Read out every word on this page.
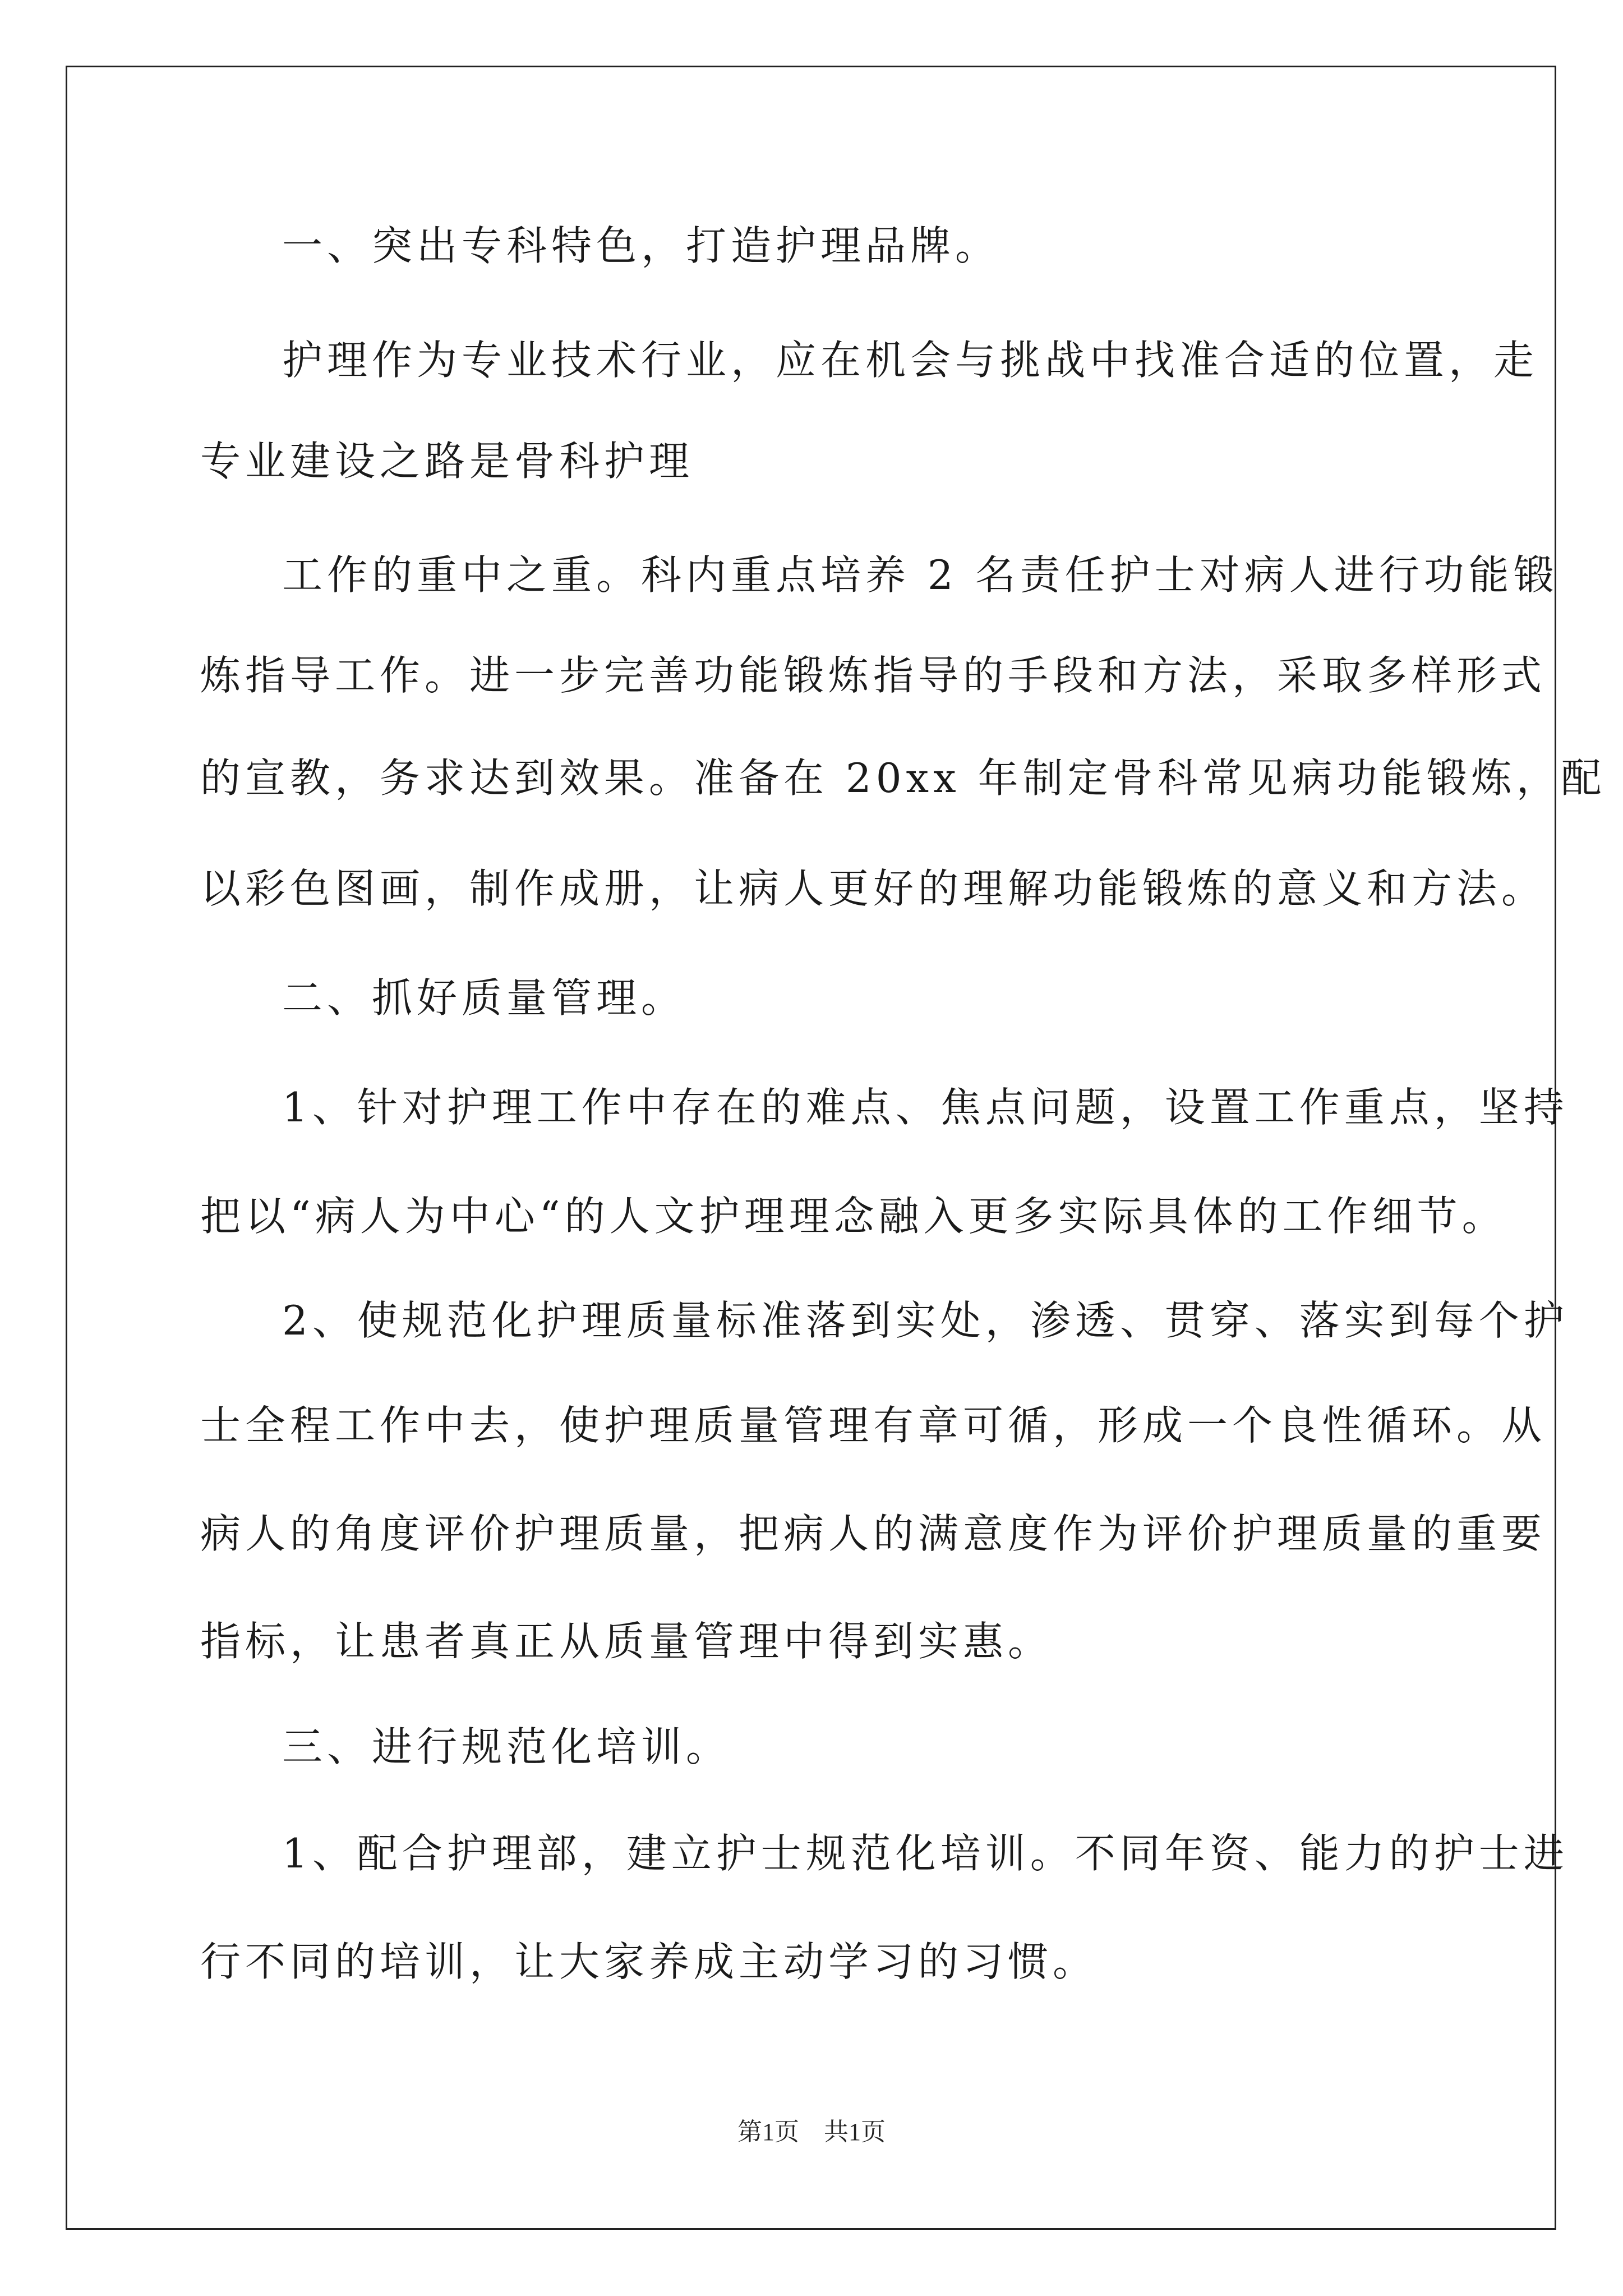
一、突出专科特色，打造护理品牌。
护理作为专业技术行业，应在机会与挑战中找准合适的位置，走
专业建设之路是骨科护理
工作的重中之重。科内重点培养 2 名责任护士对病人进行功能锻
炼指导工作。进一步完善功能锻炼指导的手段和方法，采取多样形式
的宣教，务求达到效果。准备在 20xx 年制定骨科常见病功能锻炼，配
以彩色图画，制作成册，让病人更好的理解功能锻炼的意义和方法。
二、抓好质量管理。
1、针对护理工作中存在的难点、焦点问题，设置工作重点，坚持
把以“病人为中心“的人文护理理念融入更多实际具体的工作细节。
2、使规范化护理质量标准落到实处，渗透、贯穿、落实到每个护
士全程工作中去，使护理质量管理有章可循，形成一个良性循环。从
病人的角度评价护理质量，把病人的满意度作为评价护理质量的重要
指标，让患者真正从质量管理中得到实惠。
三、进行规范化培训。
1、配合护理部，建立护士规范化培训。不同年资、能力的护士进
行不同的培训，让大家养成主动学习的习惯。
第1页　共1页
